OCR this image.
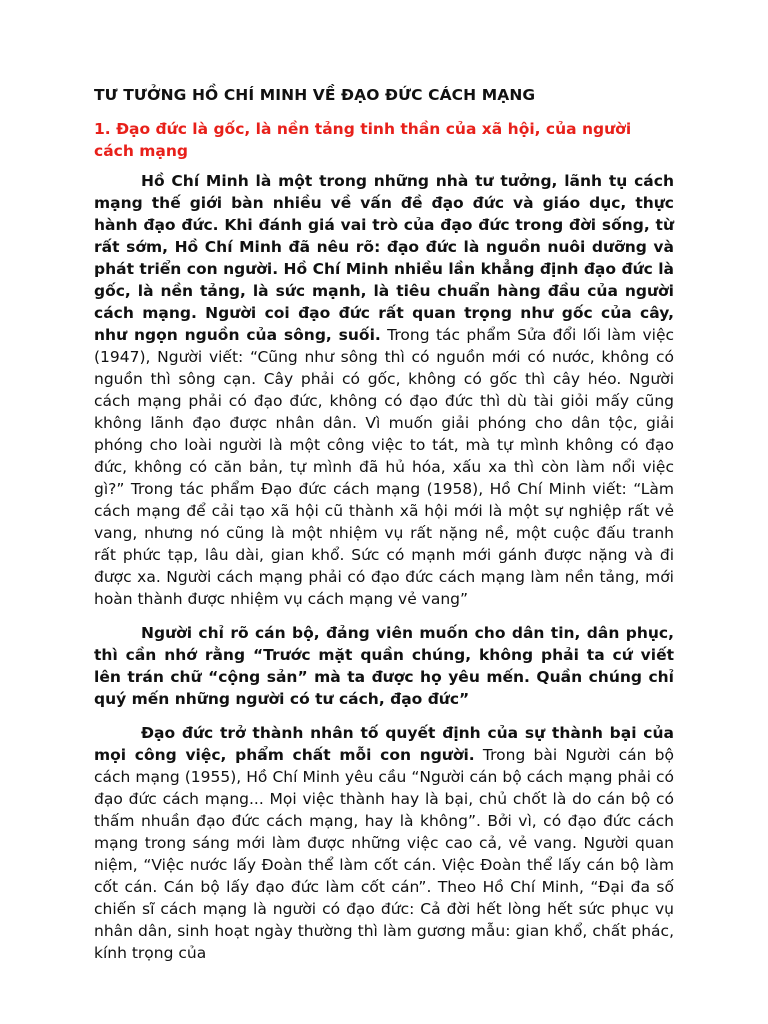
TƯ TƯỞNG HỒ CHÍ MINH VỀ ĐẠO ĐỨC CÁCH MẠNG
1. Đạo đức là gốc, là nền tảng tinh thần của xã hội, của người cách mạng

Hồ Chí Minh là một trong những nhà tư tưởng, lãnh tụ cách mạng thế giới bàn nhiều về vấn đề đạo đức và giáo dục, thực hành đạo đức. Khi đánh giá vai trò của đạo đức trong đời sống, từ rất sớm, Hồ Chí Minh đã nêu rõ: đạo đức là nguồn nuôi dưỡng và phát triển con người. Hồ Chí Minh nhiều lần khẳng định đạo đức là gốc, là nền tảng, là sức mạnh, là tiêu chuẩn hàng đầu của người cách mạng. Người coi đạo đức rất quan trọng như gốc của cây, như ngọn nguồn của sông, suối. Trong tác phẩm Sửa đổi lối làm việc (1947), Người viết: “Cũng như sông thì có nguồn mới có nước, không có nguồn thì sông cạn. Cây phải có gốc, không có gốc thì cây héo. Người cách mạng phải có đạo đức, không có đạo đức thì dù tài giỏi mấy cũng không lãnh đạo được nhân dân. Vì muốn giải phóng cho dân tộc, giải phóng cho loài người là một công việc to tát, mà tự mình không có đạo đức, không có căn bản, tự mình đã hủ hóa, xấu xa thì còn làm nổi việc gì?” Trong tác phẩm Đạo đức cách mạng (1958), Hồ Chí Minh viết: “Làm cách mạng để cải tạo xã hội cũ thành xã hội mới là một sự nghiệp rất vẻ vang, nhưng nó cũng là một nhiệm vụ rất nặng nề, một cuộc đấu tranh rất phức tạp, lâu dài, gian khổ. Sức có mạnh mới gánh được nặng và đi được xa. Người cách mạng phải có đạo đức cách mạng làm nền tảng, mới hoàn thành được nhiệm vụ cách mạng vẻ vang”

Người chỉ rõ cán bộ, đảng viên muốn cho dân tin, dân phục, thì cần nhớ rằng “Trước mặt quần chúng, không phải ta cứ viết lên trán chữ “cộng sản” mà ta được họ yêu mến. Quần chúng chỉ quý mến những người có tư cách, đạo đức”

Đạo đức trở thành nhân tố quyết định của sự thành bại của mọi công việc, phẩm chất mỗi con người. Trong bài Người cán bộ cách mạng (1955), Hồ Chí Minh yêu cầu “Người cán bộ cách mạng phải có đạo đức cách mạng... Mọi việc thành hay là bại, chủ chốt là do cán bộ có thấm nhuần đạo đức cách mạng, hay là không”. Bởi vì, có đạo đức cách mạng trong sáng mới làm được những việc cao cả, vẻ vang. Người quan niệm, “Việc nước lấy Đoàn thể làm cốt cán. Việc Đoàn thể lấy cán bộ làm cốt cán. Cán bộ lấy đạo đức làm cốt cán”. Theo Hồ Chí Minh, “Đại đa số chiến sĩ cách mạng là người có đạo đức: Cả đời hết lòng hết sức phục vụ nhân dân, sinh hoạt ngày thường thì làm gương mẫu: gian khổ, chất phác, kính trọng của
